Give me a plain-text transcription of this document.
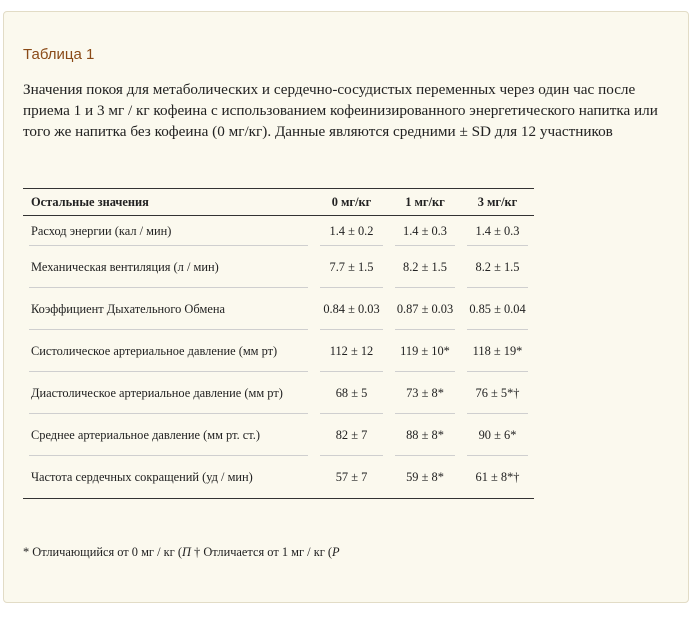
Таблица 1
Значения покоя для метаболических и сердечно-сосудистых переменных через один час после приема 1 и 3 мг / кг кофеина с использованием кофеинизированного энергетического напитка или того же напитка без кофеина (0 мг/кг). Данные являются средними ± SD для 12 участников
Остальные значения	0 мг/кг	1 мг/кг	3 мг/кг
Расход энергии (кал / мин)	1.4 ± 0.2	1.4 ± 0.3	1.4 ± 0.3
Механическая вентиляция (л / мин)	7.7 ± 1.5	8.2 ± 1.5	8.2 ± 1.5
Коэффициент Дыхательного Обмена	0.84 ± 0.03	0.87 ± 0.03	0.85 ± 0.04
Систолическое артериальное давление (мм рт)	112 ± 12	119 ± 10*	118 ± 19*
Диастолическое артериальное давление (мм рт)	68 ± 5	73 ± 8*	76 ± 5*†
Среднее артериальное давление (мм рт. ст.)	82 ± 7	88 ± 8*	90 ± 6*
Частота сердечных сокращений (уд / мин)	57 ± 7	59 ± 8*	61 ± 8*†
* Отличающийся от 0 мг / кг (П † Отличается от 1 мг / кг (Р
